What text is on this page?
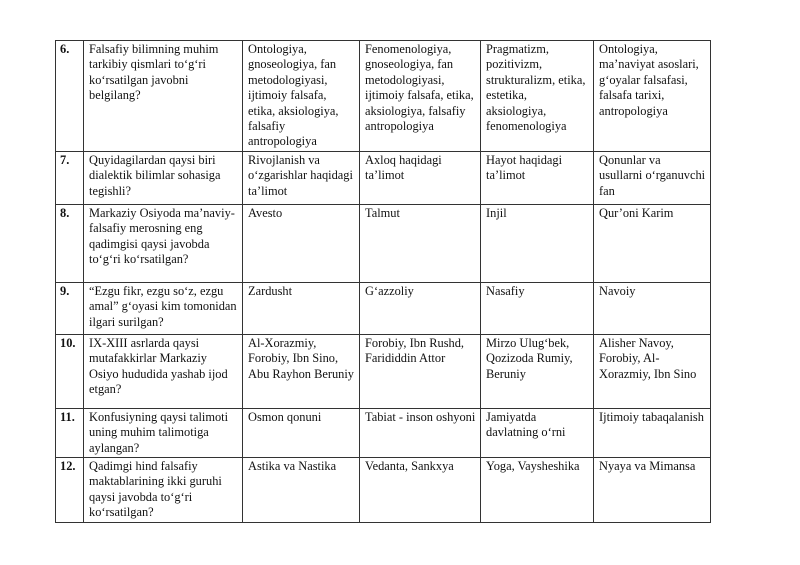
6.	Falsafiy bilimning muhim tarkibiy qismlari to‘g‘ri ko‘rsatilgan javobni belgilang?	Ontologiya, gnoseologiya, fan metodologiyasi, ijtimoiy falsafa, etika, aksiologiya, falsafiy antropologiya	Fenomenologiya, gnoseologiya, fan metodologiyasi, ijtimoiy falsafa, etika, aksiologiya, falsafiy antropologiya	Pragmatizm, pozitivizm, strukturalizm, etika, estetika, aksiologiya, fenomenologiya	Ontologiya, ma’naviyat asoslari, g‘oyalar falsafasi, falsafa tarixi, antropologiya
7.	Quyidagilardan qaysi biri dialektik bilimlar sohasiga tegishli?	Rivojlanish va o‘zgarishlar haqidagi ta’limot	Axloq haqidagi ta’limot	Hayot haqidagi ta’limot	Qonunlar va usullarni o‘rganuvchi fan
8.	Markaziy Osiyoda ma’naviy-falsafiy merosning eng qadimgisi qaysi javobda to‘g‘ri ko‘rsatilgan?	Avesto	Talmut	Injil	Qur’oni Karim
9.	“Ezgu fikr, ezgu so‘z, ezgu amal” g‘oyasi kim tomonidan ilgari surilgan?	Zardusht	G‘azzoliy	Nasafiy	Navoiy
10.	IX-XIII asrlarda qaysi mutafakkirlar Markaziy Osiyo hududida yashab ijod etgan?	Al-Xorazmiy, Forobiy, Ibn Sino, Abu Rayhon Beruniy	Forobiy, Ibn Rushd, Farididdin Attor	Mirzo Ulug‘bek, Qozizoda Rumiy, Beruniy	Alisher Navoy, Forobiy, Al-Xorazmiy, Ibn Sino
11.	Konfusiyning qaysi talimoti uning muhim talimotiga aylangan?	Osmon qonuni	Tabiat - inson oshyoni	Jamiyatda davlatning o‘rni	Ijtimoiy tabaqalanish
12.	Qadimgi hind falsafiy maktablarining ikki guruhi qaysi javobda to‘g‘ri ko‘rsatilgan?	Astika va Nastika	Vedanta, Sankxya	Yoga, Vaysheshika	Nyaya va Mimansa
